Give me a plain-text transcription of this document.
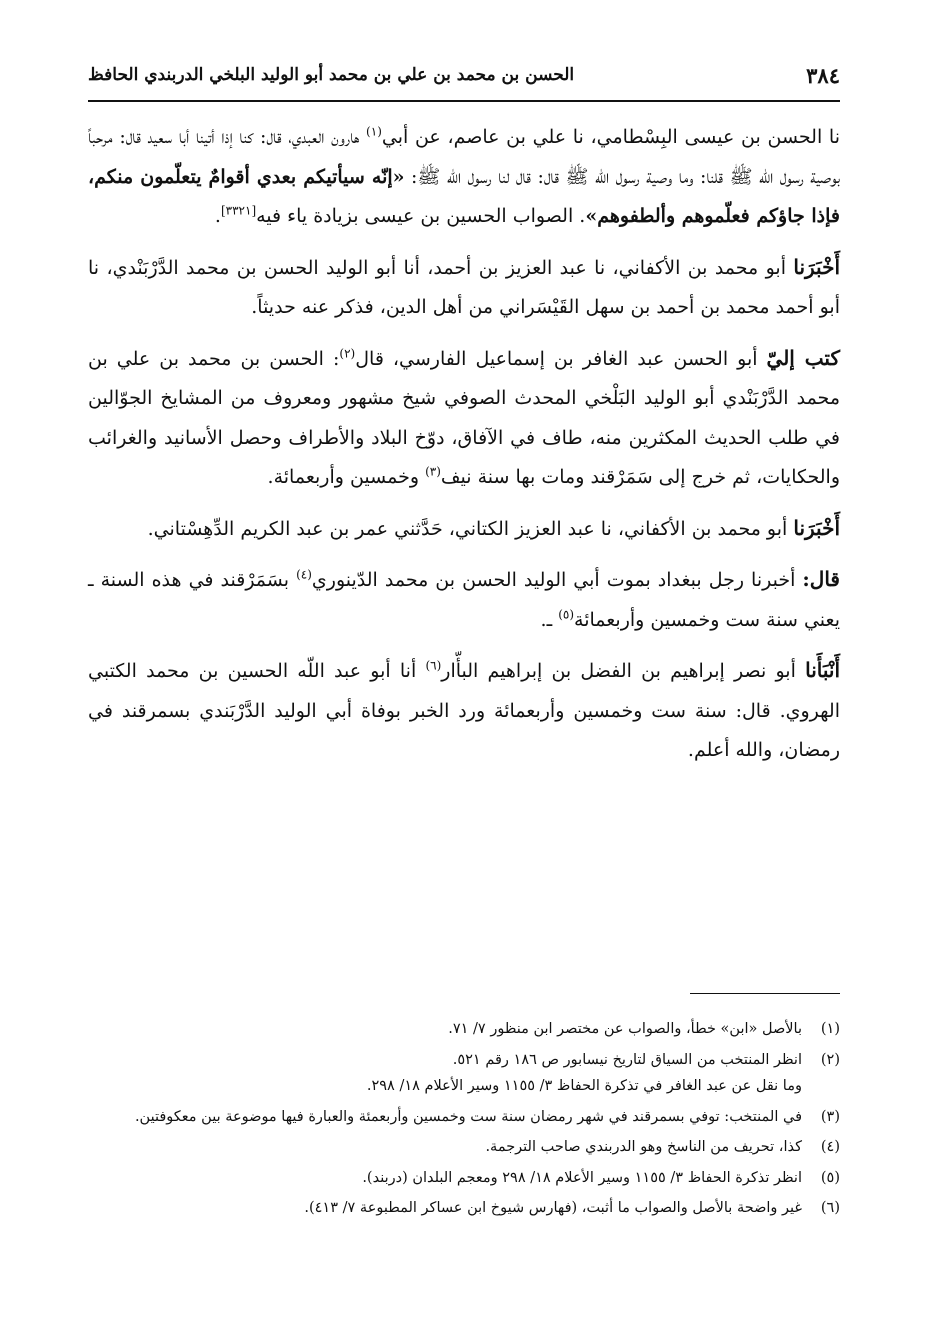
٣٨٤
الحسن بن محمد بن علي بن محمد أبو الوليد البلخي الدربندي الحافظ

نا الحسن بن عيسى البِسْطامي، نا علي بن عاصم، عن أبي$^{(١)}$ هارون العبدي، قال: كنا إذا أتينا أبا سعيد قال: مرحباً بوصية رسول الله ﷺ قلنا: وما وصية رسول الله ﷺ قال: قال لنا رسول الله ﷺ: «إنّه سيأتيكم بعدي أقوامٌ يتعلّمون منكم، فإذا جاؤكم فعلّموهم وألطفوهم». الصواب الحسين بن عيسى بزيادة ياء فيه[٣٣٢١].

أَخْبَرَنا أبو محمد بن الأكفاني، نا عبد العزيز بن أحمد، أنا أبو الوليد الحسن بن محمد الدَّرْبَنْدي، نا أبو أحمد محمد بن أحمد بن سهل القَيْسَراني من أهل الدين، فذكر عنه حديثاً.

كتب إليّ أبو الحسن عبد الغافر بن إسماعيل الفارسي، قال$^{(٢)}$: الحسن بن محمد بن علي بن محمد الدَّرْبَنْدي أبو الوليد البَلْخي المحدث الصوفي شيخ مشهور ومعروف من المشايخ الجوّالين في طلب الحديث المكثرين منه، طاف في الآفاق، دوّخ البلاد والأطراف وحصل الأسانيد والغرائب والحكايات، ثم خرج إلى سَمَرْقند ومات بها سنة نيف$^{(٣)}$ وخمسين وأربعمائة.

أَخْبَرَنا أبو محمد بن الأكفاني، نا عبد العزيز الكتاني، حَدَّثني عمر بن عبد الكريم الدِّهِسْتاني.

قال: أخبرنا رجل ببغداد بموت أبي الوليد الحسن بن محمد الدّينوري$^{(٤)}$ بسَمَرْقند في هذه السنة ـ يعني سنة ست وخمسين وأربعمائة$^{(٥)}$ ـ.

أَنْبَأَنا أبو نصر إبراهيم بن الفضل بن إبراهيم البأّار$^{(٦)}$ أنا أبو عبد اللّه الحسين بن محمد الكتبي الهروي. قال: سنة ست وخمسين وأربعمائة ورد الخبر بوفاة أبي الوليد الدَّرْبَندي بسمرقند في رمضان، والله أعلم.

(١)
بالأصل «ابن» خطأ، والصواب عن مختصر ابن منظور ٧/ ٧١.
(٢)
انظر المنتخب من السياق لتاريخ نيسابور ص ١٨٦ رقم ٥٢١.
وما نقل عن عبد الغافر في تذكرة الحفاظ ٣/ ١١٥٥ وسير الأعلام ١٨/ ٢٩٨.
(٣)
في المنتخب: توفي بسمرقند في شهر رمضان سنة ست وخمسين وأربعمئة والعبارة فيها موضوعة بين معكوفتين.
(٤)
كذا، تحريف من الناسخ وهو الدربندي صاحب الترجمة.
(٥)
انظر تذكرة الحفاظ ٣/ ١١٥٥ وسير الأعلام ١٨/ ٢٩٨ ومعجم البلدان (دربند).
(٦)
غير واضحة بالأصل والصواب ما أثبت، (فهارس شيوخ ابن عساكر المطبوعة ٧/ ٤١٣).
